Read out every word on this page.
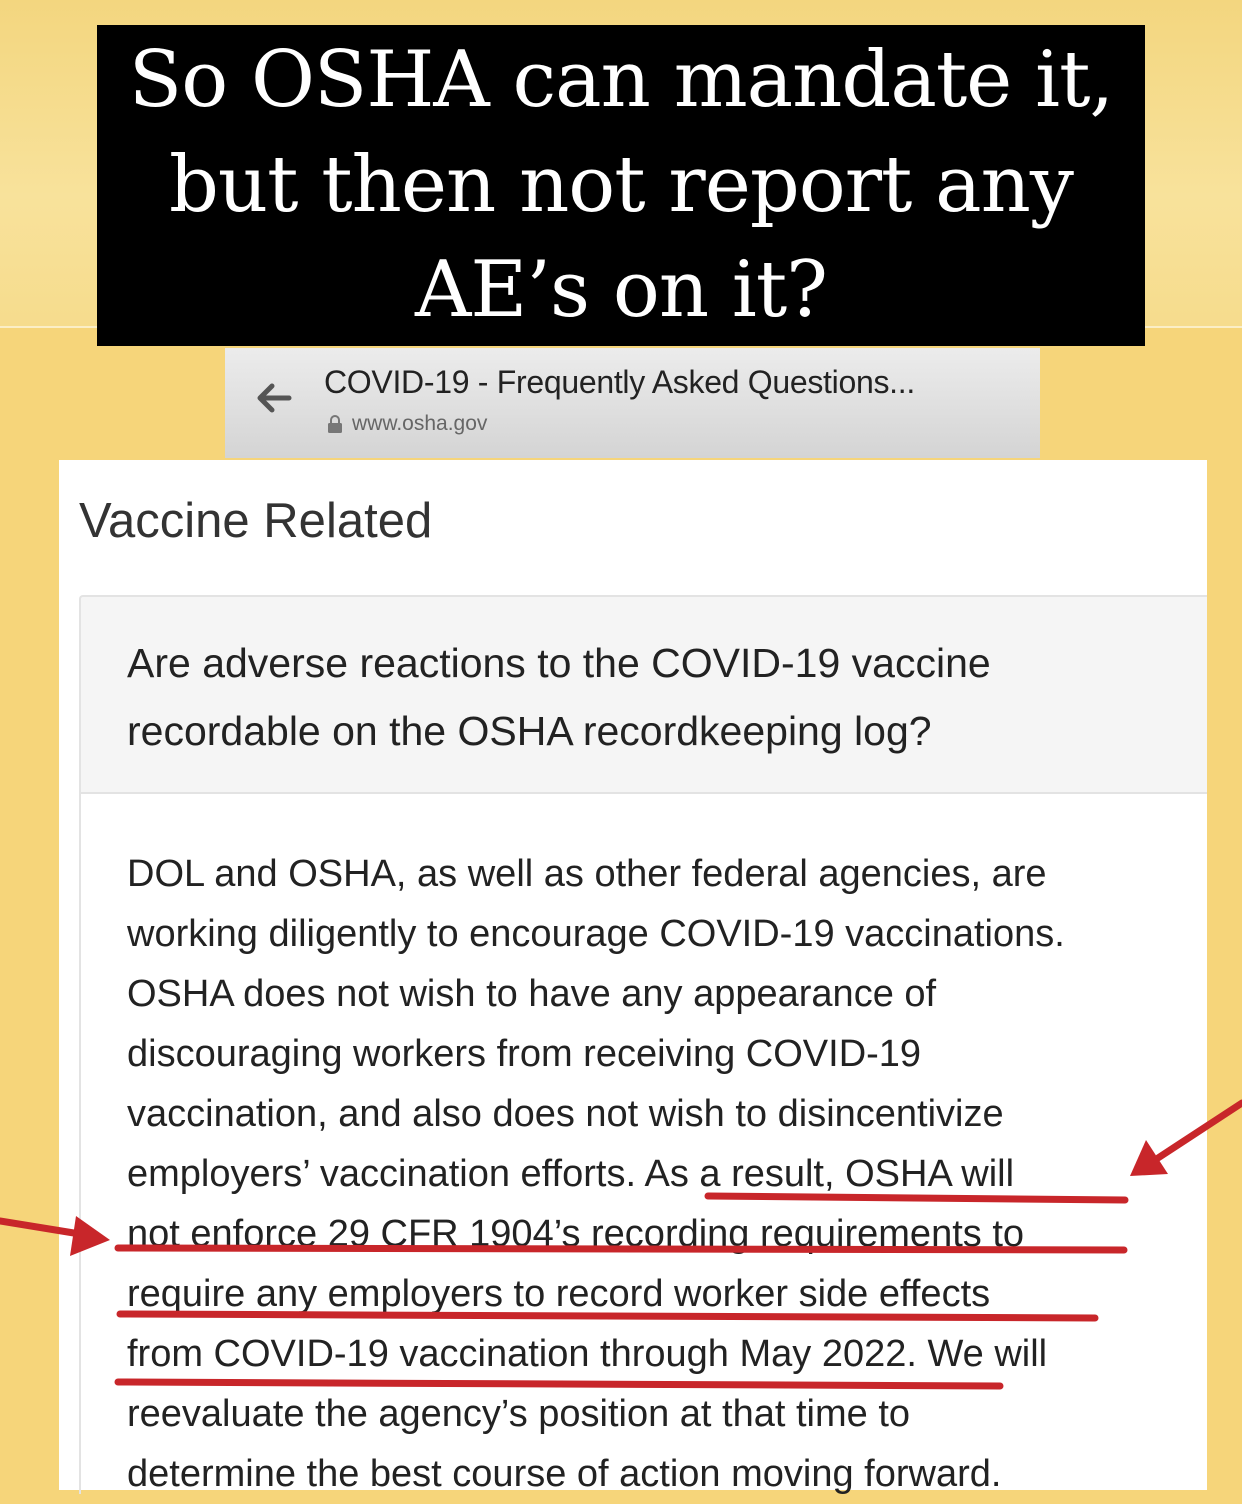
So OSHA can mandate it,
but then not report any
AE’s on it?
COVID-19 - Frequently Asked Questions...
www.osha.gov
Vaccine Related
Are adverse reactions to the COVID-19 vaccine
recordable on the OSHA recordkeeping log?
DOL and OSHA, as well as other federal agencies, are
working diligently to encourage COVID-19 vaccinations.
OSHA does not wish to have any appearance of
discouraging workers from receiving COVID-19
vaccination, and also does not wish to disincentivize
employers’ vaccination efforts. As a result, OSHA will
not enforce 29 CFR 1904’s recording requirements to
require any employers to record worker side effects
from COVID-19 vaccination through May 2022. We will
reevaluate the agency’s position at that time to
determine the best course of action moving forward.
